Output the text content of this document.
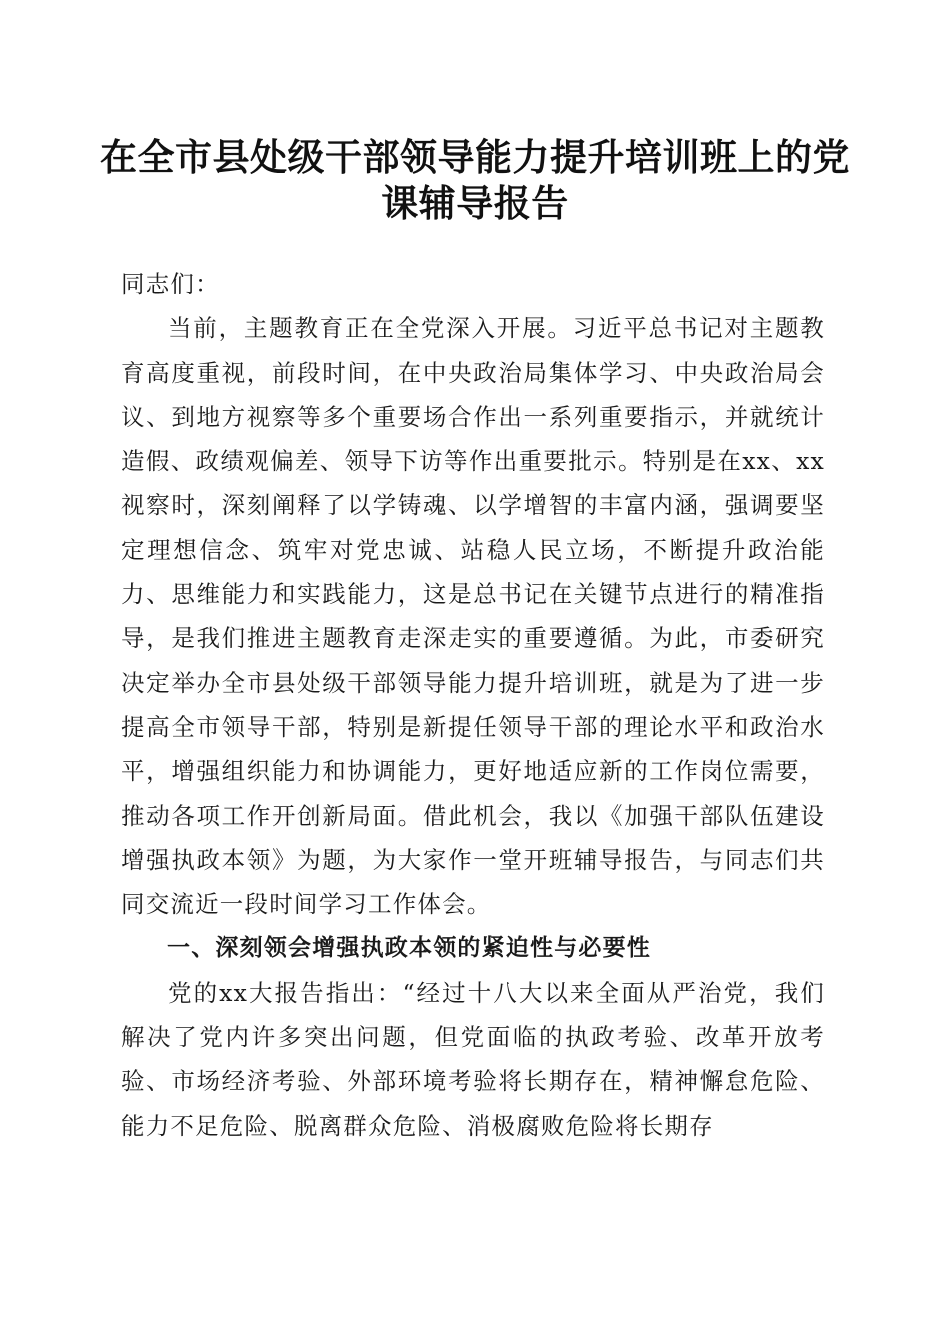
在全市县处级干部领导能力提升培训班上的党课辅导报告

同志们：

当前，主题教育正在全党深入开展。习近平总书记对主题教育高度重视，前段时间，在中央政治局集体学习、中央政治局会议、到地方视察等多个重要场合作出一系列重要指示，并就统计造假、政绩观偏差、领导下访等作出重要批示。特别是在xx、xx视察时，深刻阐释了以学铸魂、以学增智的丰富内涵，强调要坚定理想信念、筑牢对党忠诚、站稳人民立场，不断提升政治能力、思维能力和实践能力，这是总书记在关键节点进行的精准指导，是我们推进主题教育走深走实的重要遵循。为此，市委研究决定举办全市县处级干部领导能力提升培训班，就是为了进一步提高全市领导干部，特别是新提任领导干部的理论水平和政治水平，增强组织能力和协调能力，更好地适应新的工作岗位需要，推动各项工作开创新局面。借此机会，我以《加强干部队伍建设增强执政本领》为题，为大家作一堂开班辅导报告，与同志们共同交流近一段时间学习工作体会。

一、深刻领会增强执政本领的紧迫性与必要性

党的xx大报告指出：“经过十八大以来全面从严治党，我们解决了党内许多突出问题，但党面临的执政考验、改革开放考验、市场经济考验、外部环境考验将长期存在，精神懈怠危险、能力不足危险、脱离群众危险、消极腐败危险将长期存
